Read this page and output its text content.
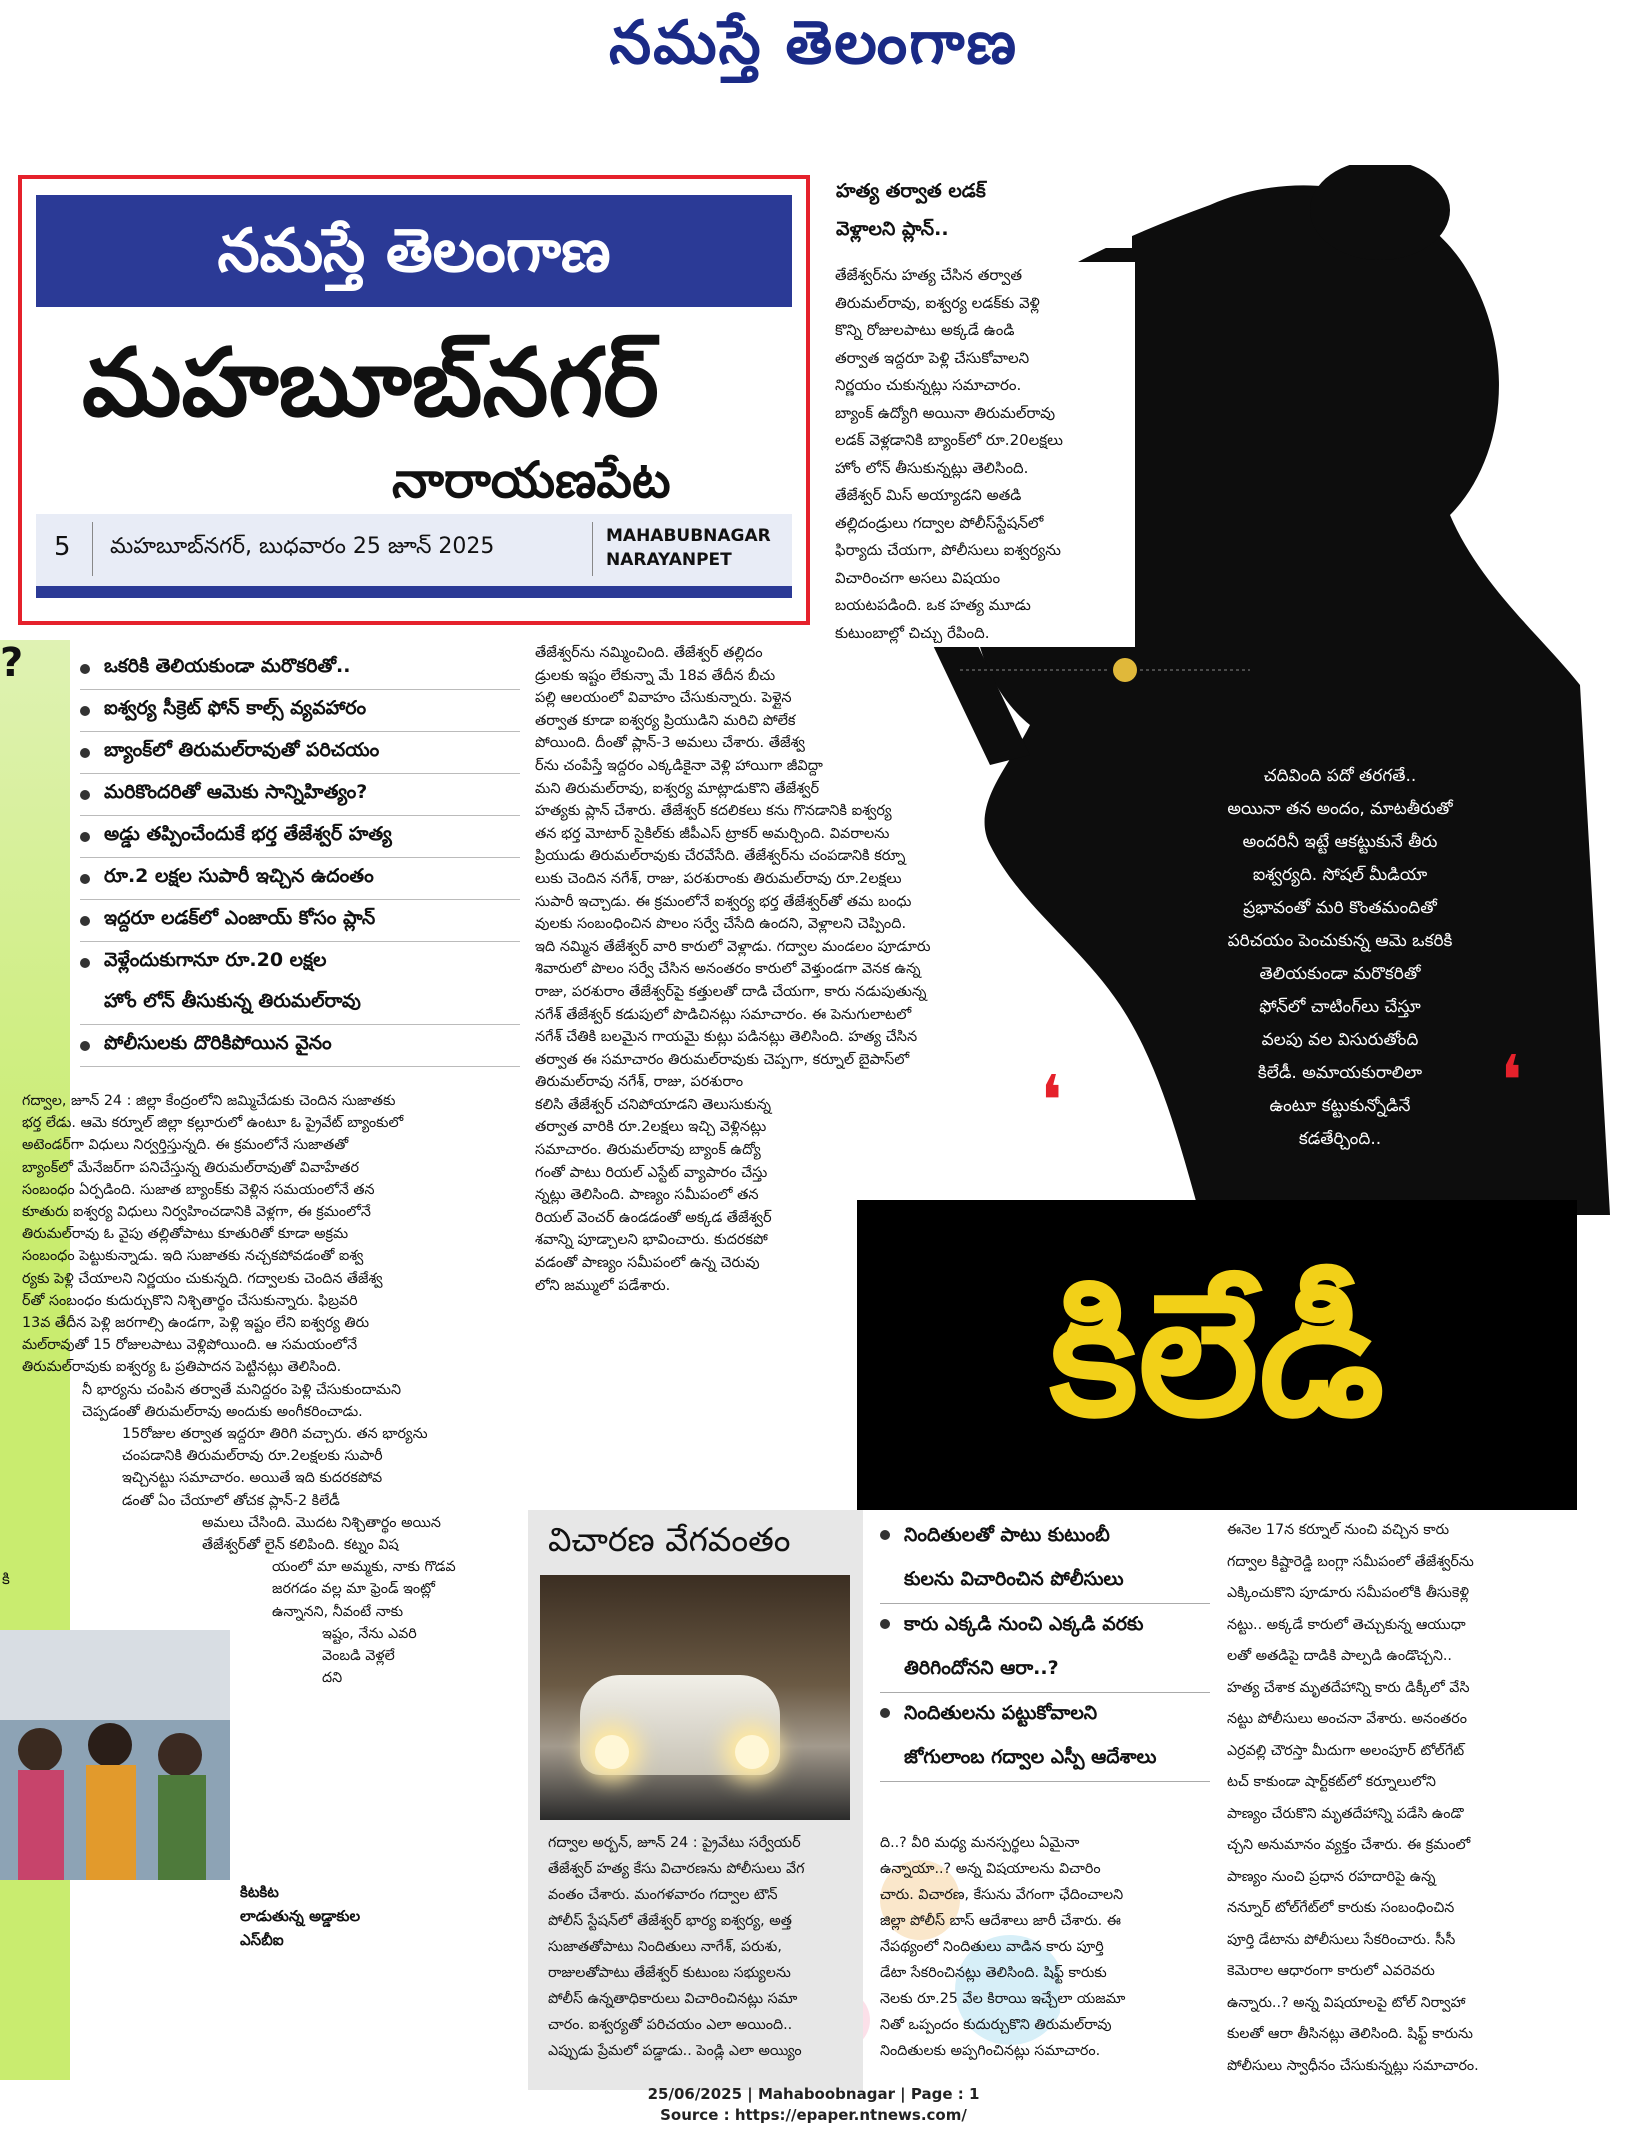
నమస్తే తెలంగాణ
నమస్తే తెలంగాణ
మహబూబ్‌నగర్
నారాయణపేట
5 మహబూబ్‌నగర్, బుధవారం 25 జూన్ 2025	MAHABUBNAGAR
NARAYANPET
❛	❛
హత్య తర్వాత లడక్
వెళ్లాలని ప్లాన్..

తేజేశ్వర్‌ను హత్య చేసిన తర్వాత

తిరుమల్‌రావు, ఐశ్వర్య లడక్‌కు వెళ్లి

కొన్ని రోజులపాటు అక్కడే ఉండి

తర్వాత ఇద్దరూ పెళ్లి చేసుకోవాలని

నిర్ణయం చుకున్నట్లు సమాచారం.

బ్యాంక్ ఉద్యోగి అయినా తిరుమల్‌రావు

లడక్ వెళ్లడానికి బ్యాంక్‌లో రూ.20లక్షలు

హోం లోన్ తీసుకున్నట్లు తెలిసింది.

తేజేశ్వర్ మిస్ అయ్యాడని అతడి

తల్లిదండ్రులు గద్వాల పోలీస్‌స్టేషన్‌లో

ఫిర్యాదు చేయగా, పోలీసులు ఐశ్వర్యను

విచారించగా అసలు విషయం

బయటపడింది. ఒక హత్య మూడు

కుటుంబాల్లో చిచ్చు రేపింది.

చదివింది పదో తరగతే..

అయినా తన అందం, మాటతీరుతో

అందరినీ ఇట్టే ఆకట్టుకునే తీరు

ఐశ్వర్యది. సోషల్ మీడియా

ప్రభావంతో మరి కొంతమందితో

పరిచయం పెంచుకున్న ఆమె ఒకరికి

తెలియకుండా మరొకరితో

ఫోన్‌లో చాటింగ్‌లు చేస్తూ

వలపు వల విసురుతోంది

కిలేడీ. అమాయకురాలిలా

ఉంటూ కట్టుకున్నోడినే

కడతేర్చింది..

కిలేడీ
?	ఒకరికి తెలియకుండా మరొకరితో..
ఐశ్వర్య సీక్రెట్ ఫోన్ కాల్స్ వ్యవహారం
బ్యాంక్‌లో తిరుమల్‌రావుతో పరిచయం
మరికొందరితో ఆమెకు సాన్నిహిత్యం?
అడ్డు తప్పించేందుకే భర్త తేజేశ్వర్ హత్య
రూ.2 లక్షల సుపారీ ఇచ్చిన ఉదంతం
ఇద్దరూ లడక్‌లో ఎంజాయ్ కోసం ప్లాన్
వెళ్లేందుకుగానూ రూ.20 లక్షల
హోం లోన్ తీసుకున్న తిరుమల్‌రావు
పోలీసులకు దొరికిపోయిన వైనం

తేజేశ్వర్‌ను నమ్మించింది. తేజేశ్వర్ తల్లిదం

డ్రులకు ఇష్టం లేకున్నా మే 18వ తేదీన బీచు

పల్లి ఆలయంలో వివాహం చేసుకున్నారు. పెళ్లైన

తర్వాత కూడా ఐశ్వర్య ప్రియుడిని మరిచి పోలేక

పోయింది. దీంతో ప్లాన్-3 అమలు చేశారు. తేజేశ్వ

ర్‌ను చంపేస్తే ఇద్దరం ఎక్కడికైనా వెళ్లి హాయిగా జీవిద్దా

మని తిరుమల్‌రావు, ఐశ్వర్య మాట్లాడుకొని తేజేశ్వర్

హత్యకు ప్లాన్ చేశారు. తేజేశ్వర్ కదలికలు కను గొనడానికి ఐశ్వర్య

తన భర్త మోటార్ సైకిల్‌కు జీపీఎస్ ట్రాకర్ అమర్చింది. వివరాలను

ప్రియుడు తిరుమల్‌రావుకు చేరవేసేది. తేజేశ్వర్‌ను చంపడానికి కర్నూ

లుకు చెందిన నగేశ్, రాజు, పరశురాంకు తిరుమల్‌రావు రూ.2లక్షలు

సుపారీ ఇచ్చాడు. ఈ క్రమంలోనే ఐశ్వర్య భర్త తేజేశ్వర్‌తో తమ బంధు

వులకు సంబంధించిన పొలం సర్వే చేసేది ఉందని, వెళ్లాలని చెప్పింది.

ఇది నమ్మిన తేజేశ్వర్ వారి కారులో వెళ్లాడు. గద్వాల మండలం పూడూరు

శివారులో పొలం సర్వే చేసిన అనంతరం కారులో వెళ్తుండగా వెనక ఉన్న

రాజు, పరశురాం తేజేశ్వర్‌పై కత్తులతో దాడి చేయగా, కారు నడుపుతున్న

నగేశ్ తేజేశ్వర్ కడుపులో పొడిచినట్లు సమాచారం. ఈ పెనుగులాటలో

నగేశ్ చేతికి బలమైన గాయమై కుట్లు పడినట్లు తెలిసింది. హత్య చేసిన

తర్వాత ఈ సమాచారం తిరుమల్‌రావుకు చెప్పగా, కర్నూల్ బైపాస్‌లో

తిరుమల్‌రావు నగేశ్, రాజు, పరశురాం

కలిసి తేజేశ్వర్ చనిపోయాడని తెలుసుకున్న

తర్వాత వారికి రూ.2లక్షలు ఇచ్చి వెళ్లినట్లు

సమాచారం. తిరుమల్‌రావు బ్యాంక్ ఉద్యో

గంతో పాటు రియల్ ఎస్టేట్ వ్యాపారం చేస్తు

న్నట్లు తెలిసింది. పాణ్యం సమీపంలో తన

రియల్ వెంచర్ ఉండడంతో అక్కడ తేజేశ్వర్

శవాన్ని పూడ్చాలని భావించారు. కుదరకపో

వడంతో పాణ్యం సమీపంలో ఉన్న చెరువు

లోని జమ్ములో పడేశారు.

గద్వాల, జూన్ 24 : జిల్లా కేంద్రంలోని జమ్మిచేడుకు చెందిన సుజాతకు

భర్త లేడు. ఆమె కర్నూల్ జిల్లా కల్లూరులో ఉంటూ ఓ ప్రైవేట్ బ్యాంకులో

అటెండర్‌గా విధులు నిర్వర్తిస్తున్నది. ఈ క్రమంలోనే సుజాతతో

బ్యాంక్‌లో మేనేజర్‌గా పనిచేస్తున్న తిరుమల్‌రావుతో వివాహేతర

సంబంధం ఏర్పడింది. సుజాత బ్యాంక్‌కు వెళ్లిన సమయంలోనే తన

కూతురు ఐశ్వర్య విధులు నిర్వహించడానికి వెళ్లగా, ఈ క్రమంలోనే

తిరుమల్‌రావు ఓ వైపు తల్లితోపాటు కూతురితో కూడా అక్రమ

సంబంధం పెట్టుకున్నాడు. ఇది సుజాతకు నచ్చకపోవడంతో ఐశ్వ

ర్యకు పెళ్లి చేయాలని నిర్ణయం చుకున్నది. గద్వాలకు చెందిన తేజేశ్వ

ర్‌తో సంబంధం కుదుర్చుకొని నిశ్చితార్థం చేసుకున్నారు. ఫిబ్రవరి

13వ తేదీన పెళ్లి జరగాల్సి ఉండగా, పెళ్లి ఇష్టం లేని ఐశ్వర్య తిరు

మల్‌రావుతో 15 రోజులపాటు వెళ్లిపోయింది. ఆ సమయంలోనే

తిరుమల్‌రావుకు ఐశ్వర్య ఓ ప్రతిపాదన పెట్టినట్లు తెలిసింది.

నీ భార్యను చంపిన తర్వాతే మనిద్దరం పెళ్లి చేసుకుందామని

చెప్పడంతో తిరుమల్‌రావు అందుకు అంగీకరించాడు.

15రోజుల తర్వాత ఇద్దరూ తిరిగి వచ్చారు. తన భార్యను

చంపడానికి తిరుమల్‌రావు రూ.2లక్షలకు సుపారీ

ఇచ్చినట్టు సమాచారం. అయితే ఇది కుదరకపోవ

డంతో ఏం చేయాలో తోచక ప్లాన్-2 కిలేడీ

అమలు చేసింది. మొదట నిశ్చితార్థం అయిన

తేజేశ్వర్‌తో లైన్ కలిపింది. కట్నం విష

యంలో మా అమ్మకు, నాకు గొడవ

జరగడం వల్ల మా ఫ్రెండ్ ఇంట్లో

ఉన్నానని, నీవంటే నాకు

ఇష్టం, నేను ఎవరి

వెంబడి వెళ్లలే

దని

కి
కిటకిట
లాడుతున్న అడ్డాకుల
ఎస్‌బీఐ
విచారణ వేగవంతం	నిందితులతో పాటు కుటుంబీ
కులను విచారించిన పోలీసులు
కారు ఎక్కడి నుంచి ఎక్కడి వరకు
తిరిగిందోనని ఆరా..?
నిందితులను పట్టుకోవాలని
జోగులాంబ గద్వాల ఎస్పీ ఆదేశాలు

గద్వాల అర్బన్, జూన్ 24 : ప్రైవేటు సర్వేయర్

తేజేశ్వర్ హత్య కేసు విచారణను పోలీసులు వేగ

వంతం చేశారు. మంగళవారం గద్వాల టౌన్

పోలీస్ స్టేషన్‌లో తేజేశ్వర్ భార్య ఐశ్వర్య, అత్త

సుజాతతోపాటు నిందితులు నాగేశ్, పరుశు,

రాజులతోపాటు తేజేశ్వర్ కుటుంబ సభ్యులను

పోలీస్ ఉన్నతాధికారులు విచారించినట్లు సమా

చారం. ఐశ్వర్యతో పరిచయం ఎలా అయింది..

ఎప్పుడు ప్రేమలో పడ్డాడు.. పెండ్లి ఎలా అయ్యిం

ది..? వీరి మధ్య మనస్పర్థలు ఏమైనా

ఉన్నాయా..? అన్న విషయాలను విచారిం

చారు. విచారణ, కేసును వేగంగా ఛేదించాలని

జిల్లా పోలీస్ బాస్ ఆదేశాలు జారీ చేశారు. ఈ

నేపథ్యంలో నిందితులు వాడిన కారు పూర్తి

డేటా సేకరించినట్లు తెలిసింది. షిఫ్ట్ కారుకు

నెలకు రూ.25 వేల కిరాయి ఇచ్చేలా యజమా

నితో ఒప్పందం కుదుర్చుకొని తిరుమల్‌రావు

నిందితులకు అప్పగించినట్లు సమాచారం.

ఈనెల 17న కర్నూల్ నుంచి వచ్చిన కారు

గద్వాల కిష్టారెడ్డి బంగ్లా సమీపంలో తేజేశ్వర్‌ను

ఎక్కించుకొని పూడూరు సమీపంలోకి తీసుకెళ్లి

నట్టు.. అక్కడే కారులో తెచ్చుకున్న ఆయుధా

లతో అతడిపై దాడికి పాల్పడి ఉండొచ్చని..

హత్య చేశాక మృతదేహాన్ని కారు డిక్కీలో వేసి

నట్టు పోలీసులు అంచనా వేశారు. అనంతరం

ఎర్రవల్లి చౌరస్తా మీదుగా అలంపూర్ టోల్‌గేట్

టచ్ కాకుండా షార్ట్‌కట్‌లో కర్నూలులోని

పాణ్యం చేరుకొని మృతదేహాన్ని పడేసి ఉండొ

చ్చని అనుమానం వ్యక్తం చేశారు. ఈ క్రమంలో

పాణ్యం నుంచి ప్రధాన రహదారిపై ఉన్న

నన్నూర్ టోల్‌గేట్‌లో కారుకు సంబంధించిన

పూర్తి డేటాను పోలీసులు సేకరించారు. సీసీ

కెమెరాల ఆధారంగా కారులో ఎవరెవరు

ఉన్నారు..? అన్న విషయాలపై టోల్ నిర్వాహా

కులతో ఆరా తీసినట్లు తెలిసింది. షిఫ్ట్ కారును

పోలీసులు స్వాధీనం చేసుకున్నట్లు సమాచారం.

25/06/2025 | Mahaboobnagar | Page : 1
Source : https://epaper.ntnews.com/
